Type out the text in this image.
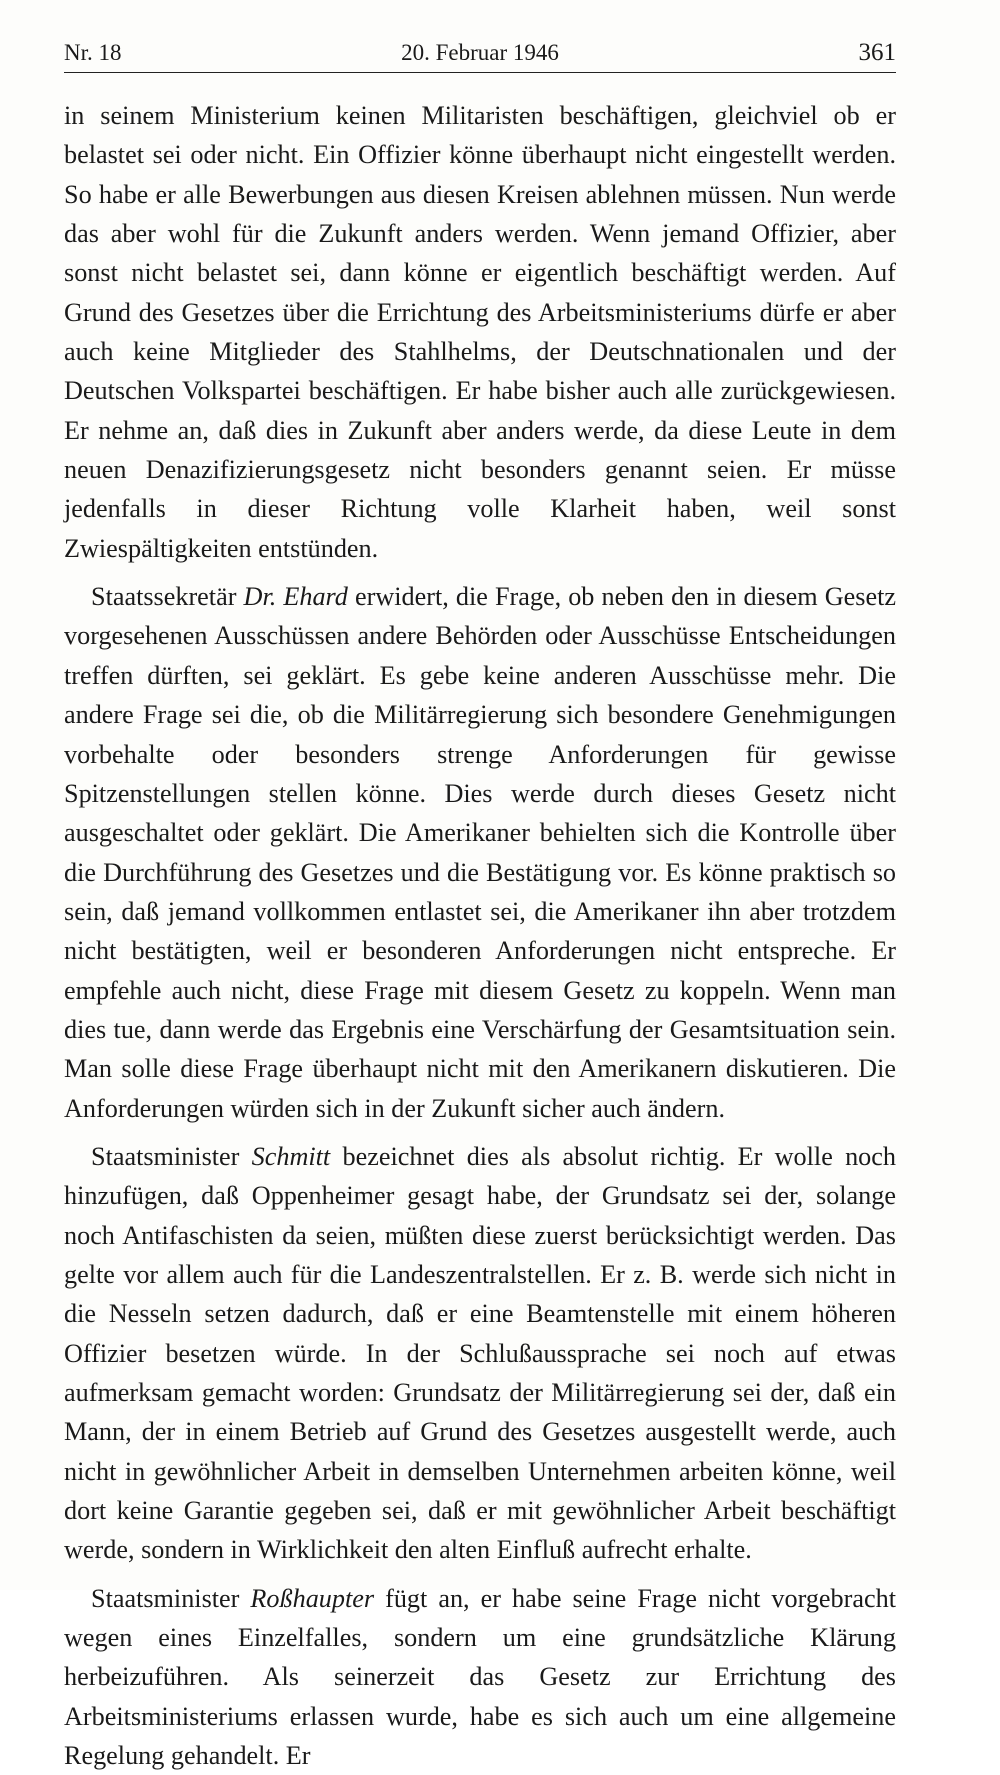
20. Februar 1946
Nr. 18	361

in seinem Ministerium keinen Militaristen beschäftigen, gleichviel ob er belastet sei oder nicht. Ein Offizier könne überhaupt nicht eingestellt werden. So habe er alle Bewerbungen aus diesen Kreisen ablehnen müssen. Nun werde das aber wohl für die Zukunft anders werden. Wenn jemand Offizier, aber sonst nicht belastet sei, dann könne er eigentlich beschäftigt werden. Auf Grund des Gesetzes über die Errichtung des Arbeitsministeriums dürfe er aber auch keine Mitglieder des Stahlhelms, der Deutschnationalen und der Deutschen Volkspartei beschäftigen. Er habe bisher auch alle zurückgewiesen. Er nehme an, daß dies in Zukunft aber anders werde, da diese Leute in dem neuen Denazifizierungsgesetz nicht besonders genannt seien. Er müsse jedenfalls in dieser Richtung volle Klarheit haben, weil sonst Zwiespältigkeiten entstünden.

Staatssekretär Dr. Ehard erwidert, die Frage, ob neben den in diesem Gesetz vorgesehenen Ausschüssen andere Behörden oder Ausschüsse Entscheidungen treffen dürften, sei geklärt. Es gebe keine anderen Ausschüsse mehr. Die andere Frage sei die, ob die Militärregierung sich besondere Genehmigungen vorbehalte oder besonders strenge Anforderungen für gewisse Spitzenstellungen stellen könne. Dies werde durch dieses Gesetz nicht ausgeschaltet oder geklärt. Die Amerikaner behielten sich die Kontrolle über die Durchführung des Gesetzes und die Bestätigung vor. Es könne praktisch so sein, daß jemand vollkommen entlastet sei, die Amerikaner ihn aber trotzdem nicht bestätigten, weil er besonderen Anforderungen nicht entspreche. Er empfehle auch nicht, diese Frage mit diesem Gesetz zu koppeln. Wenn man dies tue, dann werde das Ergebnis eine Verschärfung der Gesamtsituation sein. Man solle diese Frage überhaupt nicht mit den Amerikanern diskutieren. Die Anforderungen würden sich in der Zukunft sicher auch ändern.

Staatsminister Schmitt bezeichnet dies als absolut richtig. Er wolle noch hinzufügen, daß Oppenheimer gesagt habe, der Grundsatz sei der, solange noch Antifaschisten da seien, müßten diese zuerst berücksichtigt werden. Das gelte vor allem auch für die Landeszentralstellen. Er z. B. werde sich nicht in die Nesseln setzen dadurch, daß er eine Beamtenstelle mit einem höheren Offizier besetzen würde. In der Schlußaussprache sei noch auf etwas aufmerksam gemacht worden: Grundsatz der Militärregierung sei der, daß ein Mann, der in einem Betrieb auf Grund des Gesetzes ausgestellt werde, auch nicht in gewöhnlicher Arbeit in demselben Unternehmen arbeiten könne, weil dort keine Garantie gegeben sei, daß er mit gewöhnlicher Arbeit beschäftigt werde, sondern in Wirklichkeit den alten Einfluß aufrecht erhalte.

Staatsminister Roßhaupter fügt an, er habe seine Frage nicht vorgebracht wegen eines Einzelfalles, sondern um eine grundsätzliche Klärung herbeizuführen. Als seinerzeit das Gesetz zur Errichtung des Arbeitsministeriums erlassen wurde, habe es sich auch um eine allgemeine Regelung gehandelt. Er
